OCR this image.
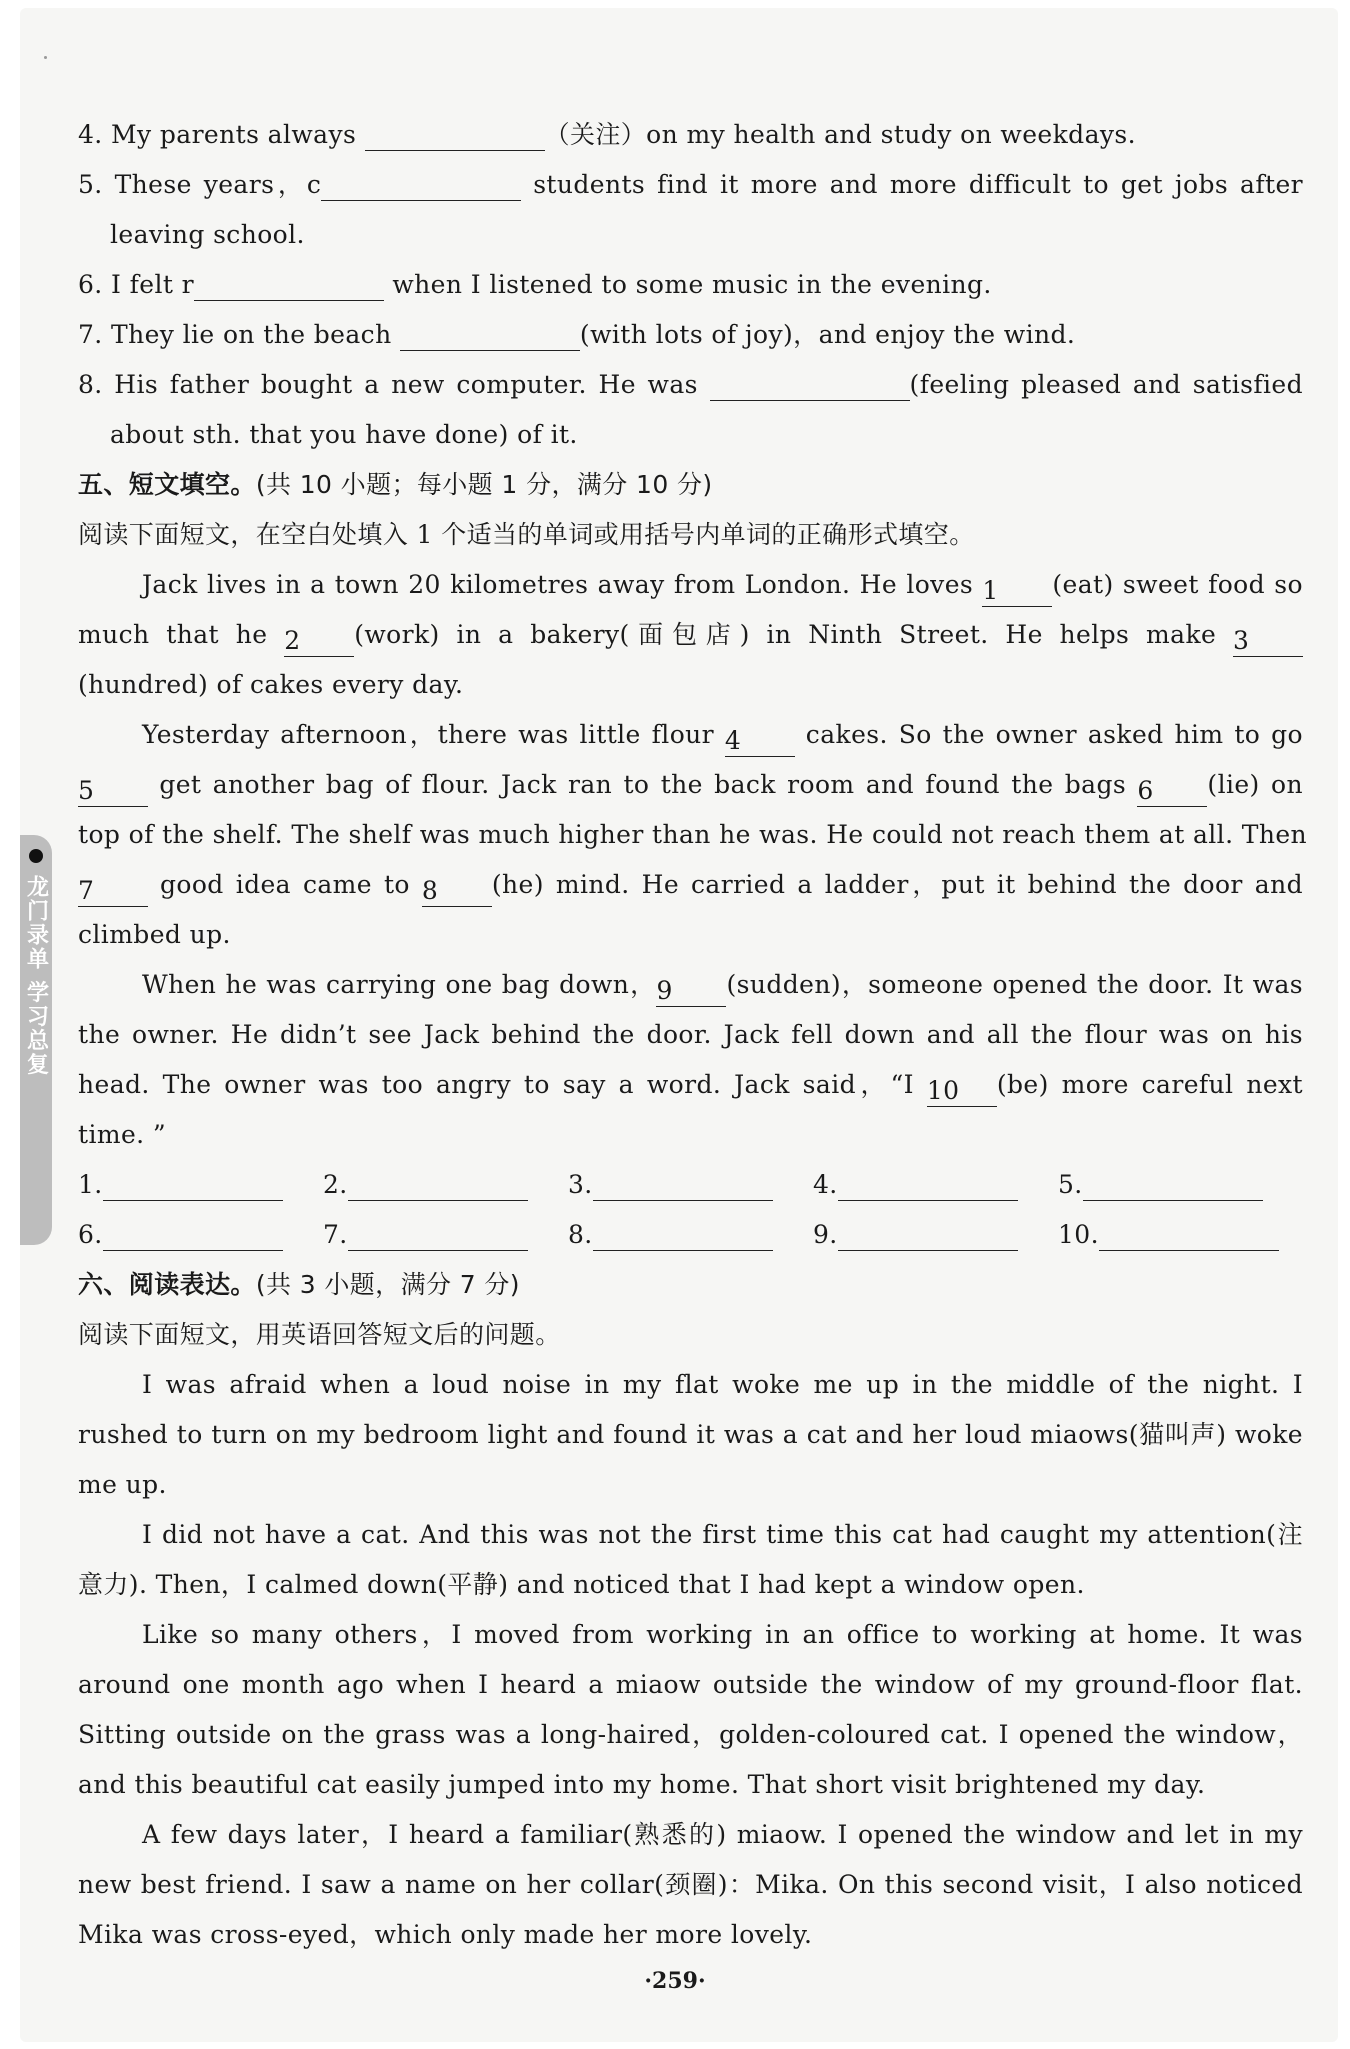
龙门录单 学习总复
4. My parents always	（关注）on my health and study on weekdays.
5. These years，c	students find it more and more difficult to get jobs after
leaving school.
6. I felt r	when I listened to some music in the evening.
7. They lie on the beach	(with lots of joy)，and enjoy the wind.
8. His father bought a new computer. He was	(feeling pleased and satisfied
about sth. that you have done) of it.
五、短文填空。(共 10 小题；每小题 1 分，满分 10 分)
阅读下面短文，在空白处填入 1 个适当的单词或用括号内单词的正确形式填空。
Jack lives in a town 20 kilometres away from London. He loves 1 (eat) sweet food so
much that he 2 (work) in a bakery(面包店) in Ninth Street. He helps make 3
(hundred) of cakes every day.
Yesterday afternoon，there was little flour 4 cakes. So the owner asked him to go
5 get another bag of flour. Jack ran to the back room and found the bags 6 (lie) on
top of the shelf. The shelf was much higher than he was. He could not reach them at all. Then
7 good idea came to 8 (he) mind. He carried a ladder，put it behind the door and
climbed up.
When he was carrying one bag down，9 (sudden)，someone opened the door. It was
the owner. He didn’t see Jack behind the door. Jack fell down and all the flour was on his
head. The owner was too angry to say a word. Jack said，“I 10 (be) more careful next
time. ”
1.	2.	3.	4.	5.
6.	7.	8.	9.	10.
六、阅读表达。(共 3 小题，满分 7 分)
阅读下面短文，用英语回答短文后的问题。
I was afraid when a loud noise in my flat woke me up in the middle of the night. I rushed to turn on my bedroom light and found it was a cat and her loud miaows(猫叫声) woke me up.
I did not have a cat. And this was not the first time this cat had caught my attention(注意力). Then，I calmed down(平静) and noticed that I had kept a window open.
Like so many others，I moved from working in an office to working at home. It was around one month ago when I heard a miaow outside the window of my ground-floor flat. Sitting outside on the grass was a long-haired，golden-coloured cat. I opened the window，and this beautiful cat easily jumped into my home. That short visit brightened my day.
A few days later，I heard a familiar(熟悉的) miaow. I opened the window and let in my new best friend. I saw a name on her collar(颈圈)：Mika. On this second visit，I also noticed Mika was cross-eyed，which only made her more lovely.
·259·
